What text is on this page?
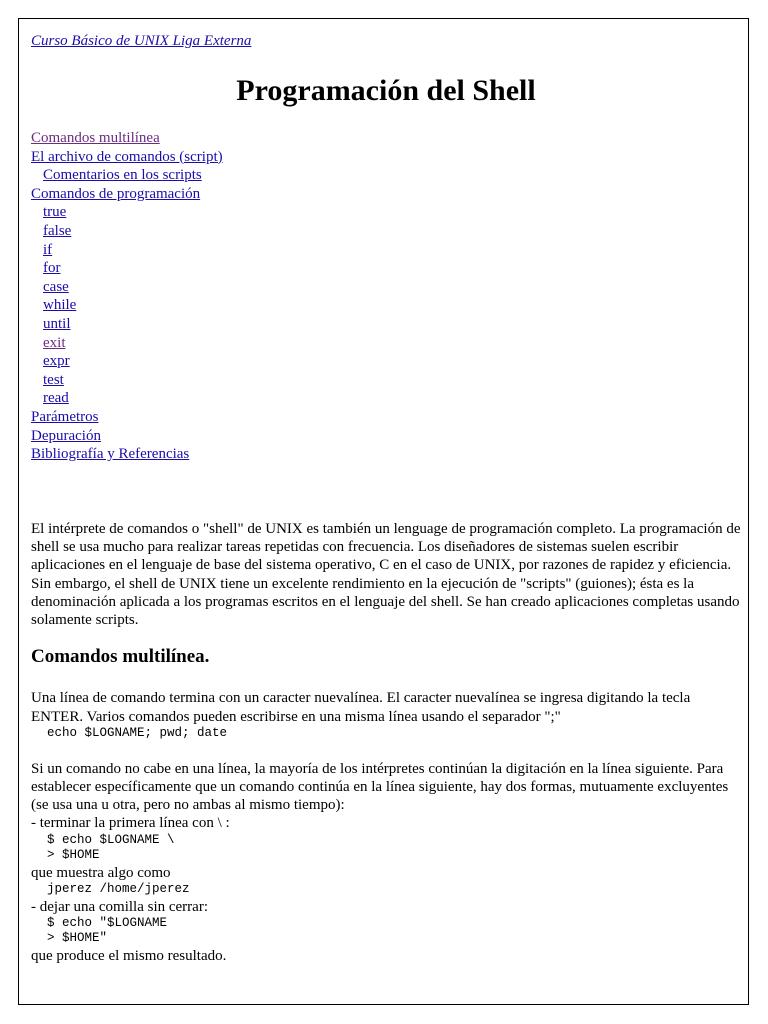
Curso Básico de UNIX Liga Externa
Programación del Shell
Comandos multilínea
El archivo de comandos (script)
Comentarios en los scripts
Comandos de programación
true
false
if
for
case
while
until
exit
expr
test
read
Parámetros
Depuración
Bibliografía y Referencias

El intérprete de comandos o "shell" de UNIX es también un lenguage de programación completo. La programación de shell se usa mucho para realizar tareas repetidas con frecuencia. Los diseñadores de sistemas suelen escribir aplicaciones en el lenguaje de base del sistema operativo, C en el caso de UNIX, por razones de rapidez y eficiencia. Sin embargo, el shell de UNIX tiene un excelente rendimiento en la ejecución de "scripts" (guiones); ésta es la denominación aplicada a los programas escritos en el lenguaje del shell. Se han creado aplicaciones completas usando solamente scripts.

Comandos multilínea.

Una línea de comando termina con un caracter nuevalínea. El caracter nuevalínea se ingresa digitando la tecla ENTER. Varios comandos pueden escribirse en una misma línea usando el separador ";"

echo $LOGNAME; pwd; date

Si un comando no cabe en una línea, la mayoría de los intérpretes continúan la digitación en la línea siguiente. Para establecer específicamente que un comando continúa en la línea siguiente, hay dos formas, mutuamente excluyentes (se usa una u otra, pero no ambas al mismo tiempo):

- terminar la primera línea con \ :

$ echo $LOGNAME \
> $HOME

que muestra algo como

jperez /home/jperez

- dejar una comilla sin cerrar:

$ echo "$LOGNAME
> $HOME"

que produce el mismo resultado.
